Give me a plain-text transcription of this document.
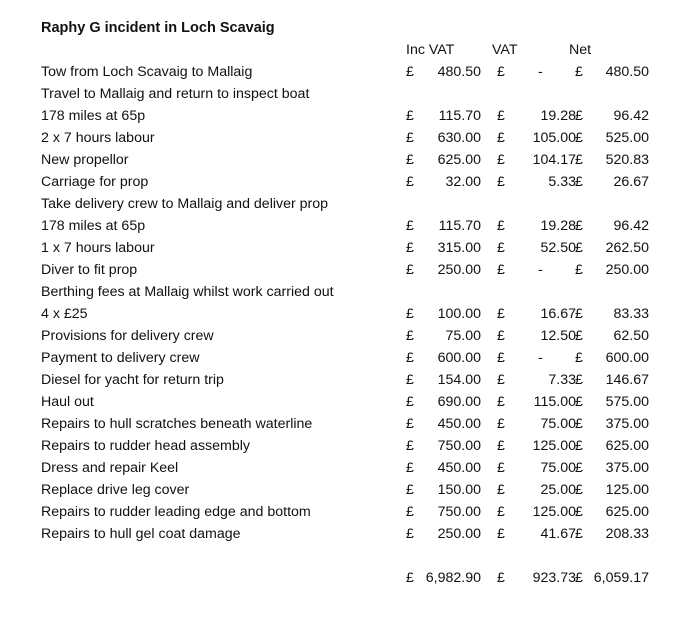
Raphy G incident in Loch Scavaig
Inc VAT	VAT	Net
Tow from Loch Scavaig to Mallaig	£ 480.50 £ - £ 480.50
Travel to Mallaig and return to inspect boat
178 miles at 65p	£ 115.70 £	19.28 £ 96.42
2 x 7 hours labour	£ 630.00 £ 105.00 £ 525.00
New propellor	£ 625.00 £ 104.17 £ 520.83
Carriage for prop	£ 32.00 £	5.33 £ 26.67
Take delivery crew to Mallaig and deliver prop
178 miles at 65p	£ 115.70 £	19.28 £ 96.42
1 x 7 hours labour	£ 315.00 £	52.50 £ 262.50
Diver to fit prop	£ 250.00 £ - £ 250.00
Berthing fees at Mallaig whilst work carried out
4 x £25	£ 100.00 £	16.67 £ 83.33
Provisions for delivery crew	£ 75.00 £	12.50 £ 62.50
Payment to delivery crew	£ 600.00 £ - £ 600.00
Diesel for yacht for return trip	£ 154.00 £	7.33 £ 146.67
Haul out	£ 690.00 £ 115.00 £ 575.00
Repairs to hull scratches beneath waterline	£ 450.00 £	75.00 £ 375.00
Repairs to rudder head assembly	£ 750.00 £ 125.00 £ 625.00
Dress and repair Keel	£ 450.00 £	75.00 £ 375.00
Replace drive leg cover	£ 150.00 £	25.00 £ 125.00
Repairs to rudder leading edge and bottom	£ 750.00 £ 125.00 £ 625.00
Repairs to hull gel coat damage	£ 250.00 £	41.67 £ 208.33
£ 6,982.90 £ 923.73 £ 6,059.17
